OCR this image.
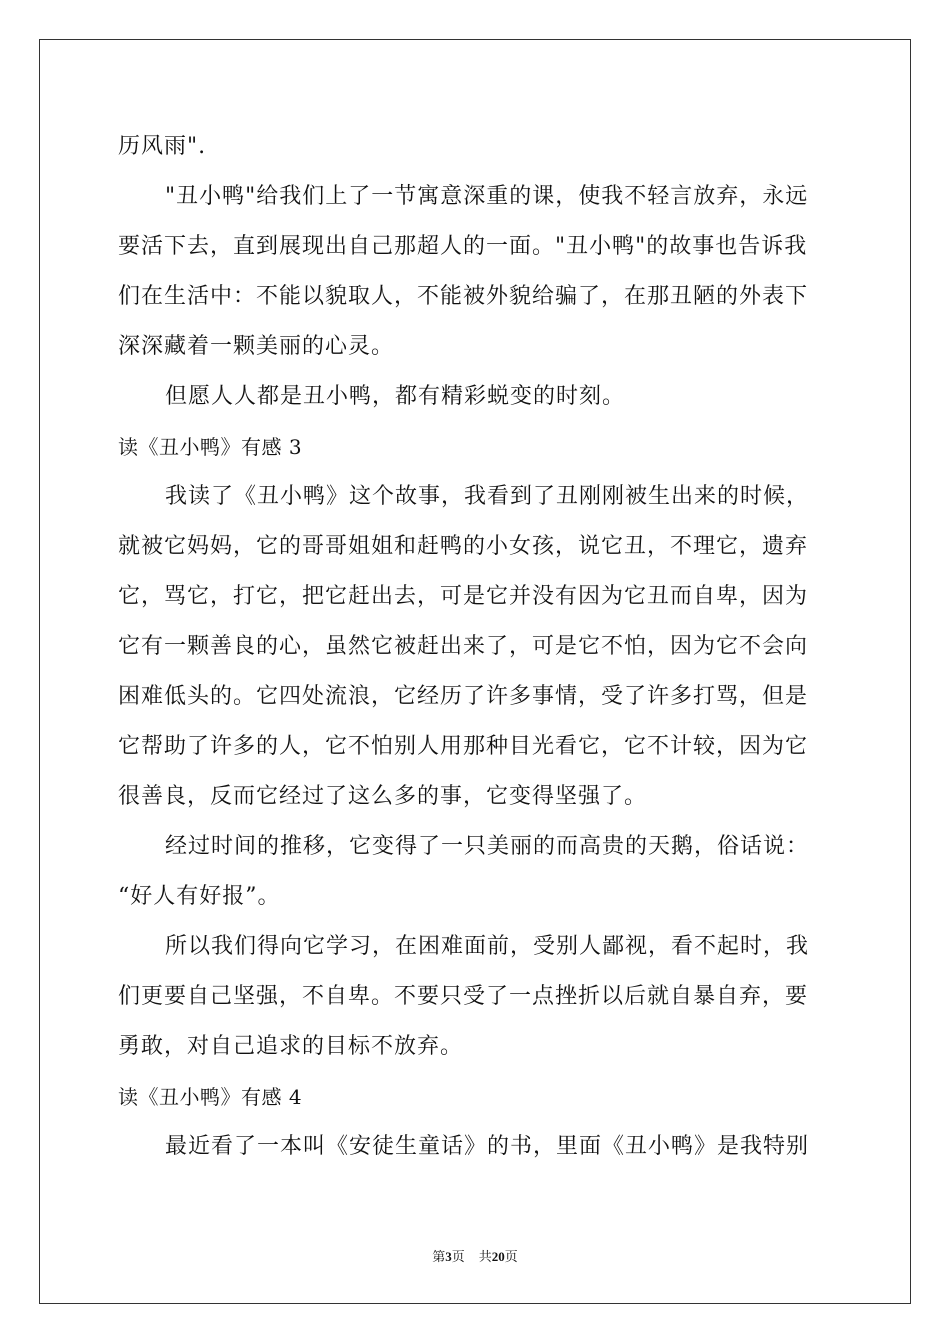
历风雨".
"丑小鸭"给我们上了一节寓意深重的课，使我不轻言放弃，永远
要活下去，直到展现出自己那超人的一面。"丑小鸭"的故事也告诉我
们在生活中：不能以貌取人，不能被外貌给骗了，在那丑陋的外表下
深深藏着一颗美丽的心灵。
但愿人人都是丑小鸭，都有精彩蜕变的时刻。
读《丑小鸭》有感 3
我读了《丑小鸭》这个故事，我看到了丑刚刚被生出来的时候，
就被它妈妈，它的哥哥姐姐和赶鸭的小女孩，说它丑，不理它，遗弃
它，骂它，打它，把它赶出去，可是它并没有因为它丑而自卑，因为
它有一颗善良的心，虽然它被赶出来了，可是它不怕，因为它不会向
困难低头的。它四处流浪，它经历了许多事情，受了许多打骂，但是
它帮助了许多的人，它不怕别人用那种目光看它，它不计较，因为它
很善良，反而它经过了这么多的事，它变得坚强了。
经过时间的推移，它变得了一只美丽的而高贵的天鹅，俗话说：
“好人有好报”。
所以我们得向它学习，在困难面前，受别人鄙视，看不起时，我
们更要自己坚强，不自卑。不要只受了一点挫折以后就自暴自弃，要
勇敢，对自己追求的目标不放弃。
读《丑小鸭》有感 4
最近看了一本叫《安徒生童话》的书，里面《丑小鸭》是我特别
第3页 共20页
